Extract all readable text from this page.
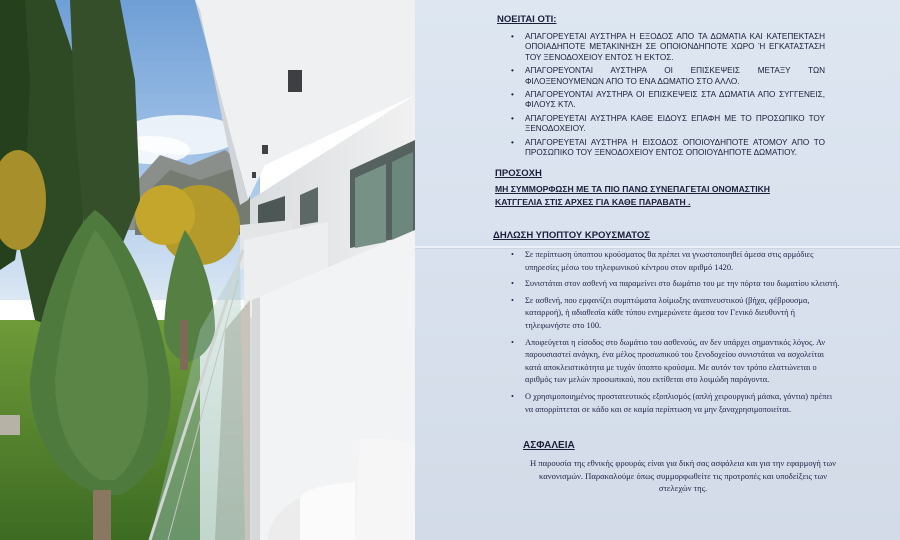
ΝΟΕΙΤΑΙ ΟΤΙ:
• ΑΠΑΓΟΡΕΥΕΤΑΙ ΑΥΣΤΗΡΑ Η ΕΞΟΔΟΣ ΑΠΟ ΤΑ ΔΩΜΑΤΙΑ ΚΑΙ ΚΑΤΕΠΕΚΤΑΣΗ ΟΠΟΙΑΔΗΠΟΤΕ ΜΕΤΑΚΙΝΗΣΗ ΣΕ ΟΠΟΙΟΝΔΗΠΟΤΕ ΧΩΡΟ Ή ΕΓΚΑΤΑΣΤΑΣΗ ΤΟΥ ΞΕΝΟΔΟΧΕΙΟΥ ΕΝΤΟΣ Ή ΕΚΤΟΣ.
• ΑΠΑΓΟΡΕΥΟΝΤΑΙ ΑΥΣΤΗΡΑ ΟΙ ΕΠΙΣΚΕΨΕΙΣ ΜΕΤΑΞΥ ΤΩΝ ΦΙΛΟΞΕΝΟΥΜΕΝΩΝ ΑΠΟ ΤΟ ΕΝΑ ΔΩΜΑΤΙΟ ΣΤΟ ΑΛΛΟ.
• ΑΠΑΓΟΡΕΥΟΝΤΑΙ ΑΥΣΤΗΡΑ ΟΙ ΕΠΙΣΚΕΨΕΙΣ ΣΤΑ ΔΩΜΑΤΙΑ ΑΠΟ ΣΥΓΓΕΝΕΙΣ, ΦΙΛΟΥΣ ΚΤΛ.
• ΑΠΑΓΟΡΕΥΕΤΑΙ ΑΥΣΤΗΡΑ ΚΑΘΕ ΕΙΔΟΥΣ ΕΠΑΦΗ ΜΕ ΤΟ ΠΡΟΣΩΠΙΚΟ ΤΟΥ ΞΕΝΟΔΟΧΕΙΟΥ.
• ΑΠΑΓΟΡΕΥΕΤΑΙ ΑΥΣΤΗΡΑ Η ΕΙΣΟΔΟΣ ΟΠΟΙΟΥΔΗΠΟΤΕ ΑΤΟΜΟΥ ΑΠΟ ΤΟ ΠΡΟΣΩΠΙΚΟ ΤΟΥ ΞΕΝΟΔΟΧΕΙΟΥ ΕΝΤΟΣ ΟΠΟΙΟΥΔΗΠΟΤΕ ΔΩΜΑΤΙΟΥ.
ΠΡΟΣΟΧΗ
ΜΗ ΣΥΜΜΟΡΦΩΣΗ ΜΕ ΤΑ ΠΙΟ ΠΑΝΩ ΣΥΝΕΠΑΓΕΤΑΙ ΟΝΟΜΑΣΤΙΚΗ ΚΑΤΓΓΕΛΙΑ ΣΤΙΣ ΑΡΧΕΣ ΓΙΑ ΚΑΘΕ ΠΑΡΑΒΑΤΗ .
ΔΗΛΩΣΗ ΥΠΟΠΤΟΥ ΚΡΟΥΣΜΑΤΟΣ
• Σε περίπτωση ύποπτου κρούσματος θα πρέπει να γνωστοποιηθεί άμεσα στις αρμόδιες υπηρεσίες μέσω του τηλεφωνικού κέντρου στον αριθμό 1420.
• Συνιστάται στον ασθενή να παραμείνει στο δωμάτιο του με την πόρτα του δωματίου κλειστή.
• Σε ασθενή, που εμφανίζει συμπτώματα λοίμωξης αναπνευστικού (βήχα, φέβρουσμα, καταρροή), ή αδιαθεσία κάθε τύπου ενημερώνετε άμεσα τον Γενικό διευθυντή ή τηλεφωνήστε στο 100.
• Αποφεύγεται η είσοδος στο δωμάτιο του ασθενούς, αν δεν υπάρχει σημαντικός λόγος. Αν παρουσιαστεί ανάγκη, ένα μέλος προσωπικού του ξενοδοχείου συνιστάται να ασχολείται κατά αποκλειστικότητα με τυχόν ύποπτο κρούσμα. Με αυτόν τον τρόπο ελαττώνεται ο αριθμός των μελών προσωπικού, που εκτίθεται στο λοιμώδη παράγοντα.
• Ο χρησιμοποιημένος προστατευτικός εξοπλισμός (απλή χειρουργική μάσκα, γάντια) πρέπει να απορρίπτεται σε κάδο και σε καμία περίπτωση να μην ξαναχρησιμοποιείται.
ΑΣΦΑΛΕΙΑ
Η παρουσία της εθνικής φρουράς είναι για δική σας ασφάλεια και για την εφαρμογή των κανονισμών. Παρακαλούμε όπως συμμορφωθείτε τις προτροπές και υποδείξεις των στελεχών της.
